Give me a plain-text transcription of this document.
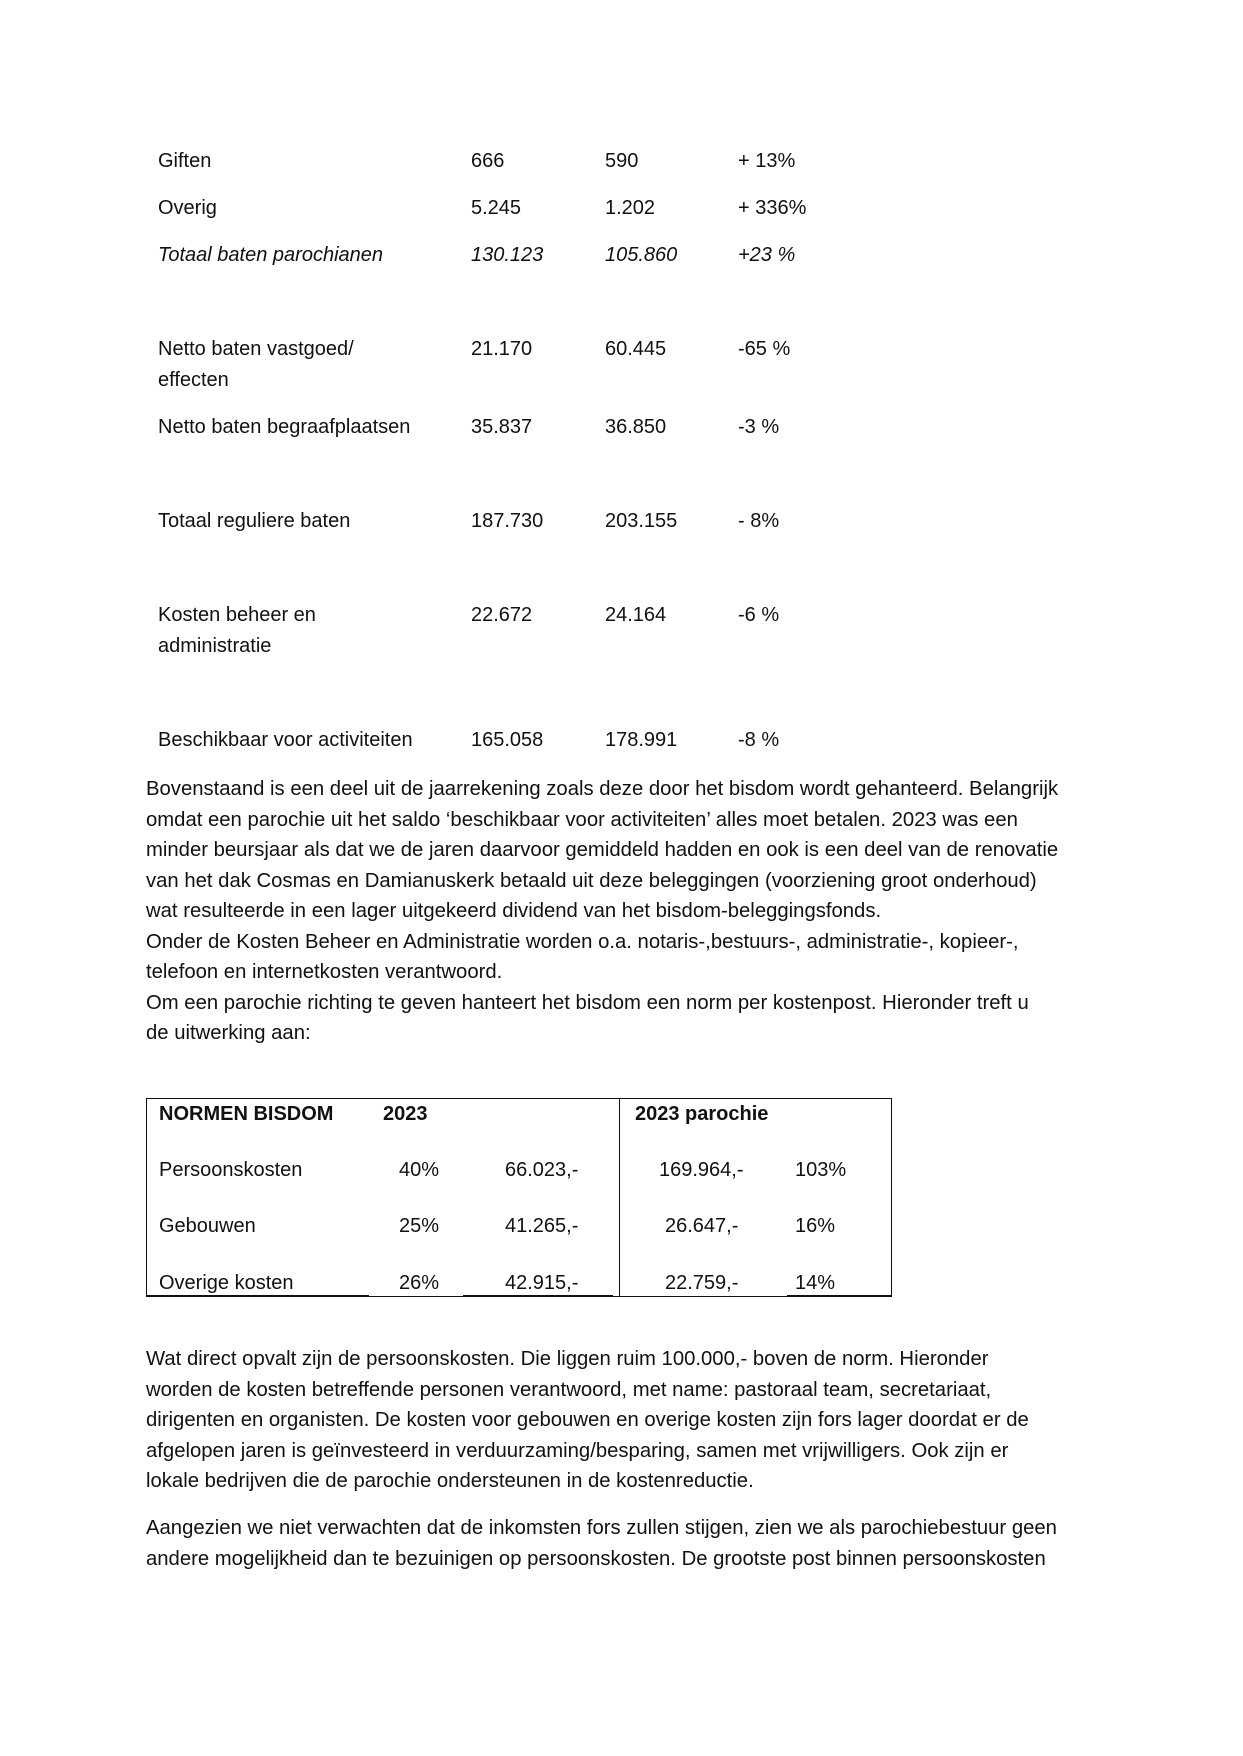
Giften	666	590	+ 13%
Overig	5.245	1.202	+ 336%
Totaal baten parochianen	130.123	105.860	+23 %
Netto baten vastgoed/
effecten
21.170	60.445	-65 %
Netto baten begraafplaatsen	35.837	36.850	-3 %
Totaal reguliere baten	187.730	203.155	- 8%
Kosten beheer en
administratie
22.672	24.164	-6 %
Beschikbaar voor activiteiten	165.058	178.991	-8 %
Bovenstaand is een deel uit de jaarrekening zoals deze door het bisdom wordt gehanteerd. Belangrijk
omdat een parochie uit het saldo ‘beschikbaar voor activiteiten’ alles moet betalen. 2023 was een
minder beursjaar als dat we de jaren daarvoor gemiddeld hadden en ook is een deel van de renovatie
van het dak Cosmas en Damianuskerk betaald uit deze beleggingen (voorziening groot onderhoud)
wat resulteerde in een lager uitgekeerd dividend van het bisdom-beleggingsfonds.
Onder de Kosten Beheer en Administratie worden o.a. notaris-,bestuurs-, administratie-, kopieer-,
telefoon en internetkosten verantwoord.
Om een parochie richting te geven hanteert het bisdom een norm per kostenpost. Hieronder treft u
de uitwerking aan:
NORMEN BISDOM 2023	2023 parochie
Persoonskosten	40%	66.023,-	169.964,-	103%
Gebouwen	25%	41.265,-	26.647,-	16%
Overige kosten	26%	42.915,-	22.759,-	14%
Wat direct opvalt zijn de persoonskosten. Die liggen ruim 100.000,- boven de norm. Hieronder
worden de kosten betreffende personen verantwoord, met name: pastoraal team, secretariaat,
dirigenten en organisten. De kosten voor gebouwen en overige kosten zijn fors lager doordat er de
afgelopen jaren is geïnvesteerd in verduurzaming/besparing, samen met vrijwilligers. Ook zijn er
lokale bedrijven die de parochie ondersteunen in de kostenreductie.
Aangezien we niet verwachten dat de inkomsten fors zullen stijgen, zien we als parochiebestuur geen
andere mogelijkheid dan te bezuinigen op persoonskosten. De grootste post binnen persoonskosten
